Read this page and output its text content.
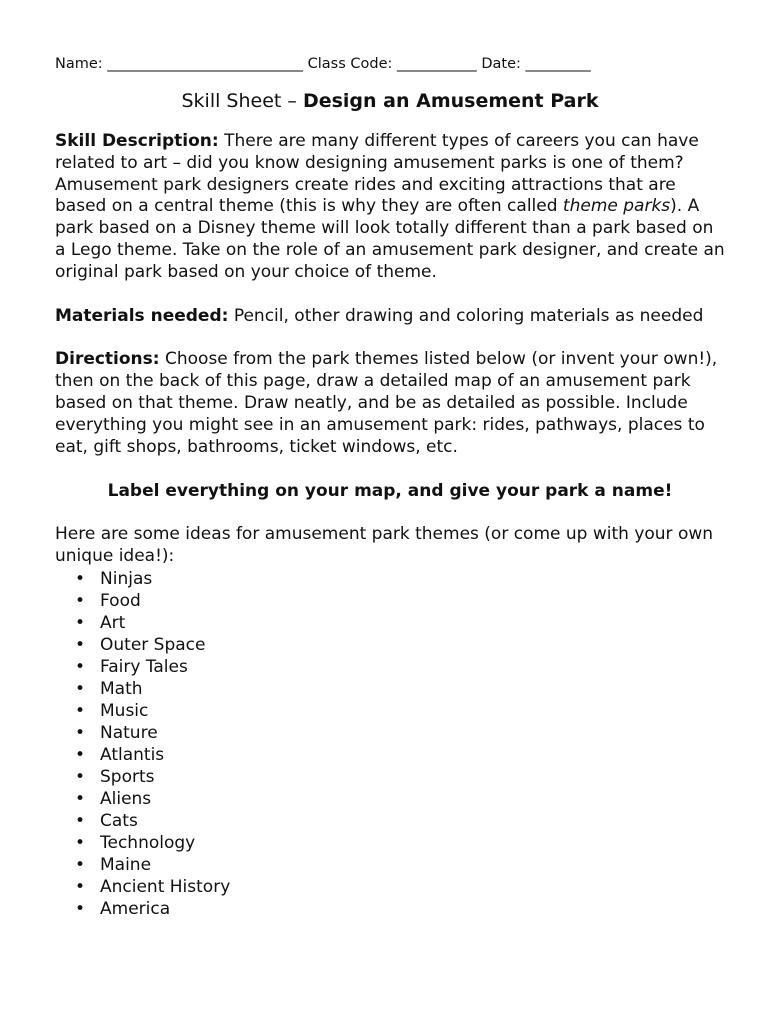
Name: ___________________________ Class Code: ___________ Date: _________

Skill Sheet – Design an Amusement Park

Skill Description: There are many different types of careers you can have related to art – did you know designing amusement parks is one of them? Amusement park designers create rides and exciting attractions that are based on a central theme (this is why they are often called theme parks). A park based on a Disney theme will look totally different than a park based on a Lego theme. Take on the role of an amusement park designer, and create an original park based on your choice of theme.

Materials needed: Pencil, other drawing and coloring materials as needed

Directions: Choose from the park themes listed below (or invent your own!), then on the back of this page, draw a detailed map of an amusement park based on that theme. Draw neatly, and be as detailed as possible. Include everything you might see in an amusement park: rides, pathways, places to eat, gift shops, bathrooms, ticket windows, etc.

Label everything on your map, and give your park a name!

Here are some ideas for amusement park themes (or come up with your own unique idea!):

• Ninjas
• Food
• Art
• Outer Space
• Fairy Tales
• Math
• Music
• Nature
• Atlantis
• Sports
• Aliens
• Cats
• Technology
• Maine
• Ancient History
• America
